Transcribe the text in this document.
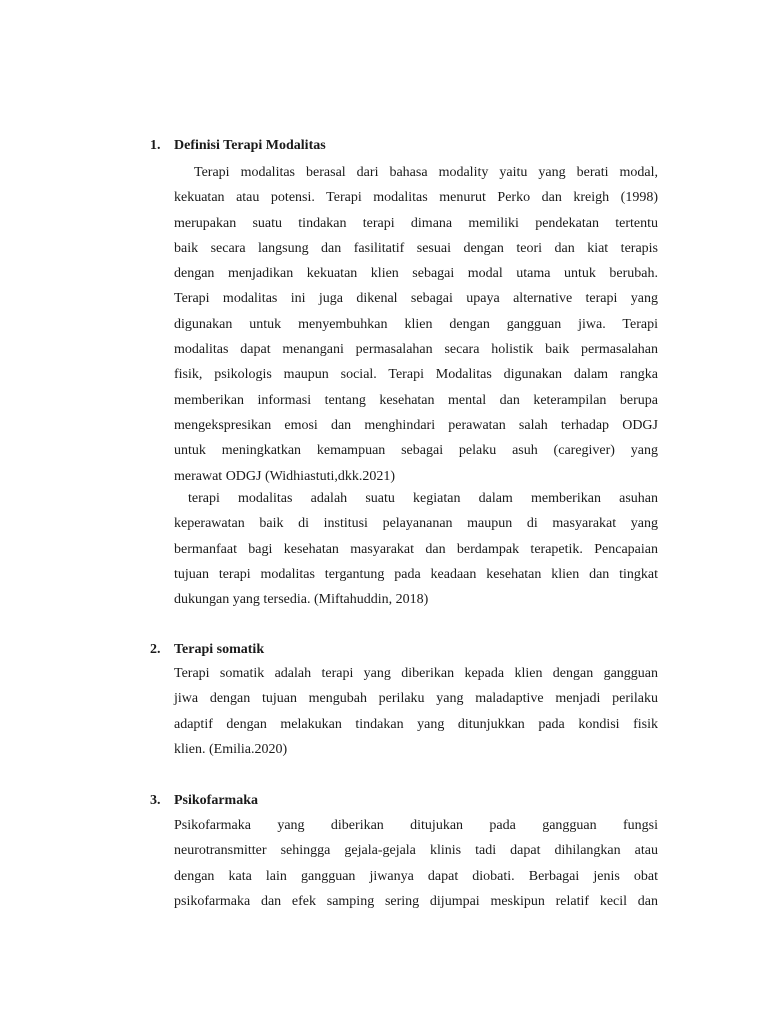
1. Definisi Terapi Modalitas
Terapi modalitas berasal dari bahasa modality yaitu yang berati modal,
kekuatan atau potensi. Terapi modalitas menurut Perko dan kreigh (1998)
merupakan suatu tindakan terapi dimana memiliki pendekatan tertentu
baik secara langsung dan fasilitatif sesuai dengan teori dan kiat terapis
dengan menjadikan kekuatan klien sebagai modal utama untuk berubah.
Terapi modalitas ini juga dikenal sebagai upaya alternative terapi yang
digunakan untuk menyembuhkan klien dengan gangguan jiwa. Terapi
modalitas dapat menangani permasalahan secara holistik baik permasalahan
fisik, psikologis maupun social. Terapi Modalitas digunakan dalam rangka
memberikan informasi tentang kesehatan mental dan keterampilan berupa
mengekspresikan emosi dan menghindari perawatan salah terhadap ODGJ
untuk meningkatkan kemampuan sebagai pelaku asuh (caregiver) yang
merawat ODGJ (Widhiastuti,dkk.2021)
terapi modalitas adalah suatu kegiatan dalam memberikan asuhan
keperawatan baik di institusi pelayananan maupun di masyarakat yang
bermanfaat bagi kesehatan masyarakat dan berdampak terapetik. Pencapaian
tujuan terapi modalitas tergantung pada keadaan kesehatan klien dan tingkat
dukungan yang tersedia. (Miftahuddin, 2018)
2. Terapi somatik
Terapi somatik adalah terapi yang diberikan kepada klien dengan gangguan
jiwa dengan tujuan mengubah perilaku yang maladaptive menjadi perilaku
adaptif dengan melakukan tindakan yang ditunjukkan pada kondisi fisik
klien. (Emilia.2020)
3. Psikofarmaka
Psikofarmaka yang diberikan ditujukan pada gangguan fungsi
neurotransmitter sehingga gejala-gejala klinis tadi dapat dihilangkan atau
dengan kata lain gangguan jiwanya dapat diobati. Berbagai jenis obat
psikofarmaka dan efek samping sering dijumpai meskipun relatif kecil dan
